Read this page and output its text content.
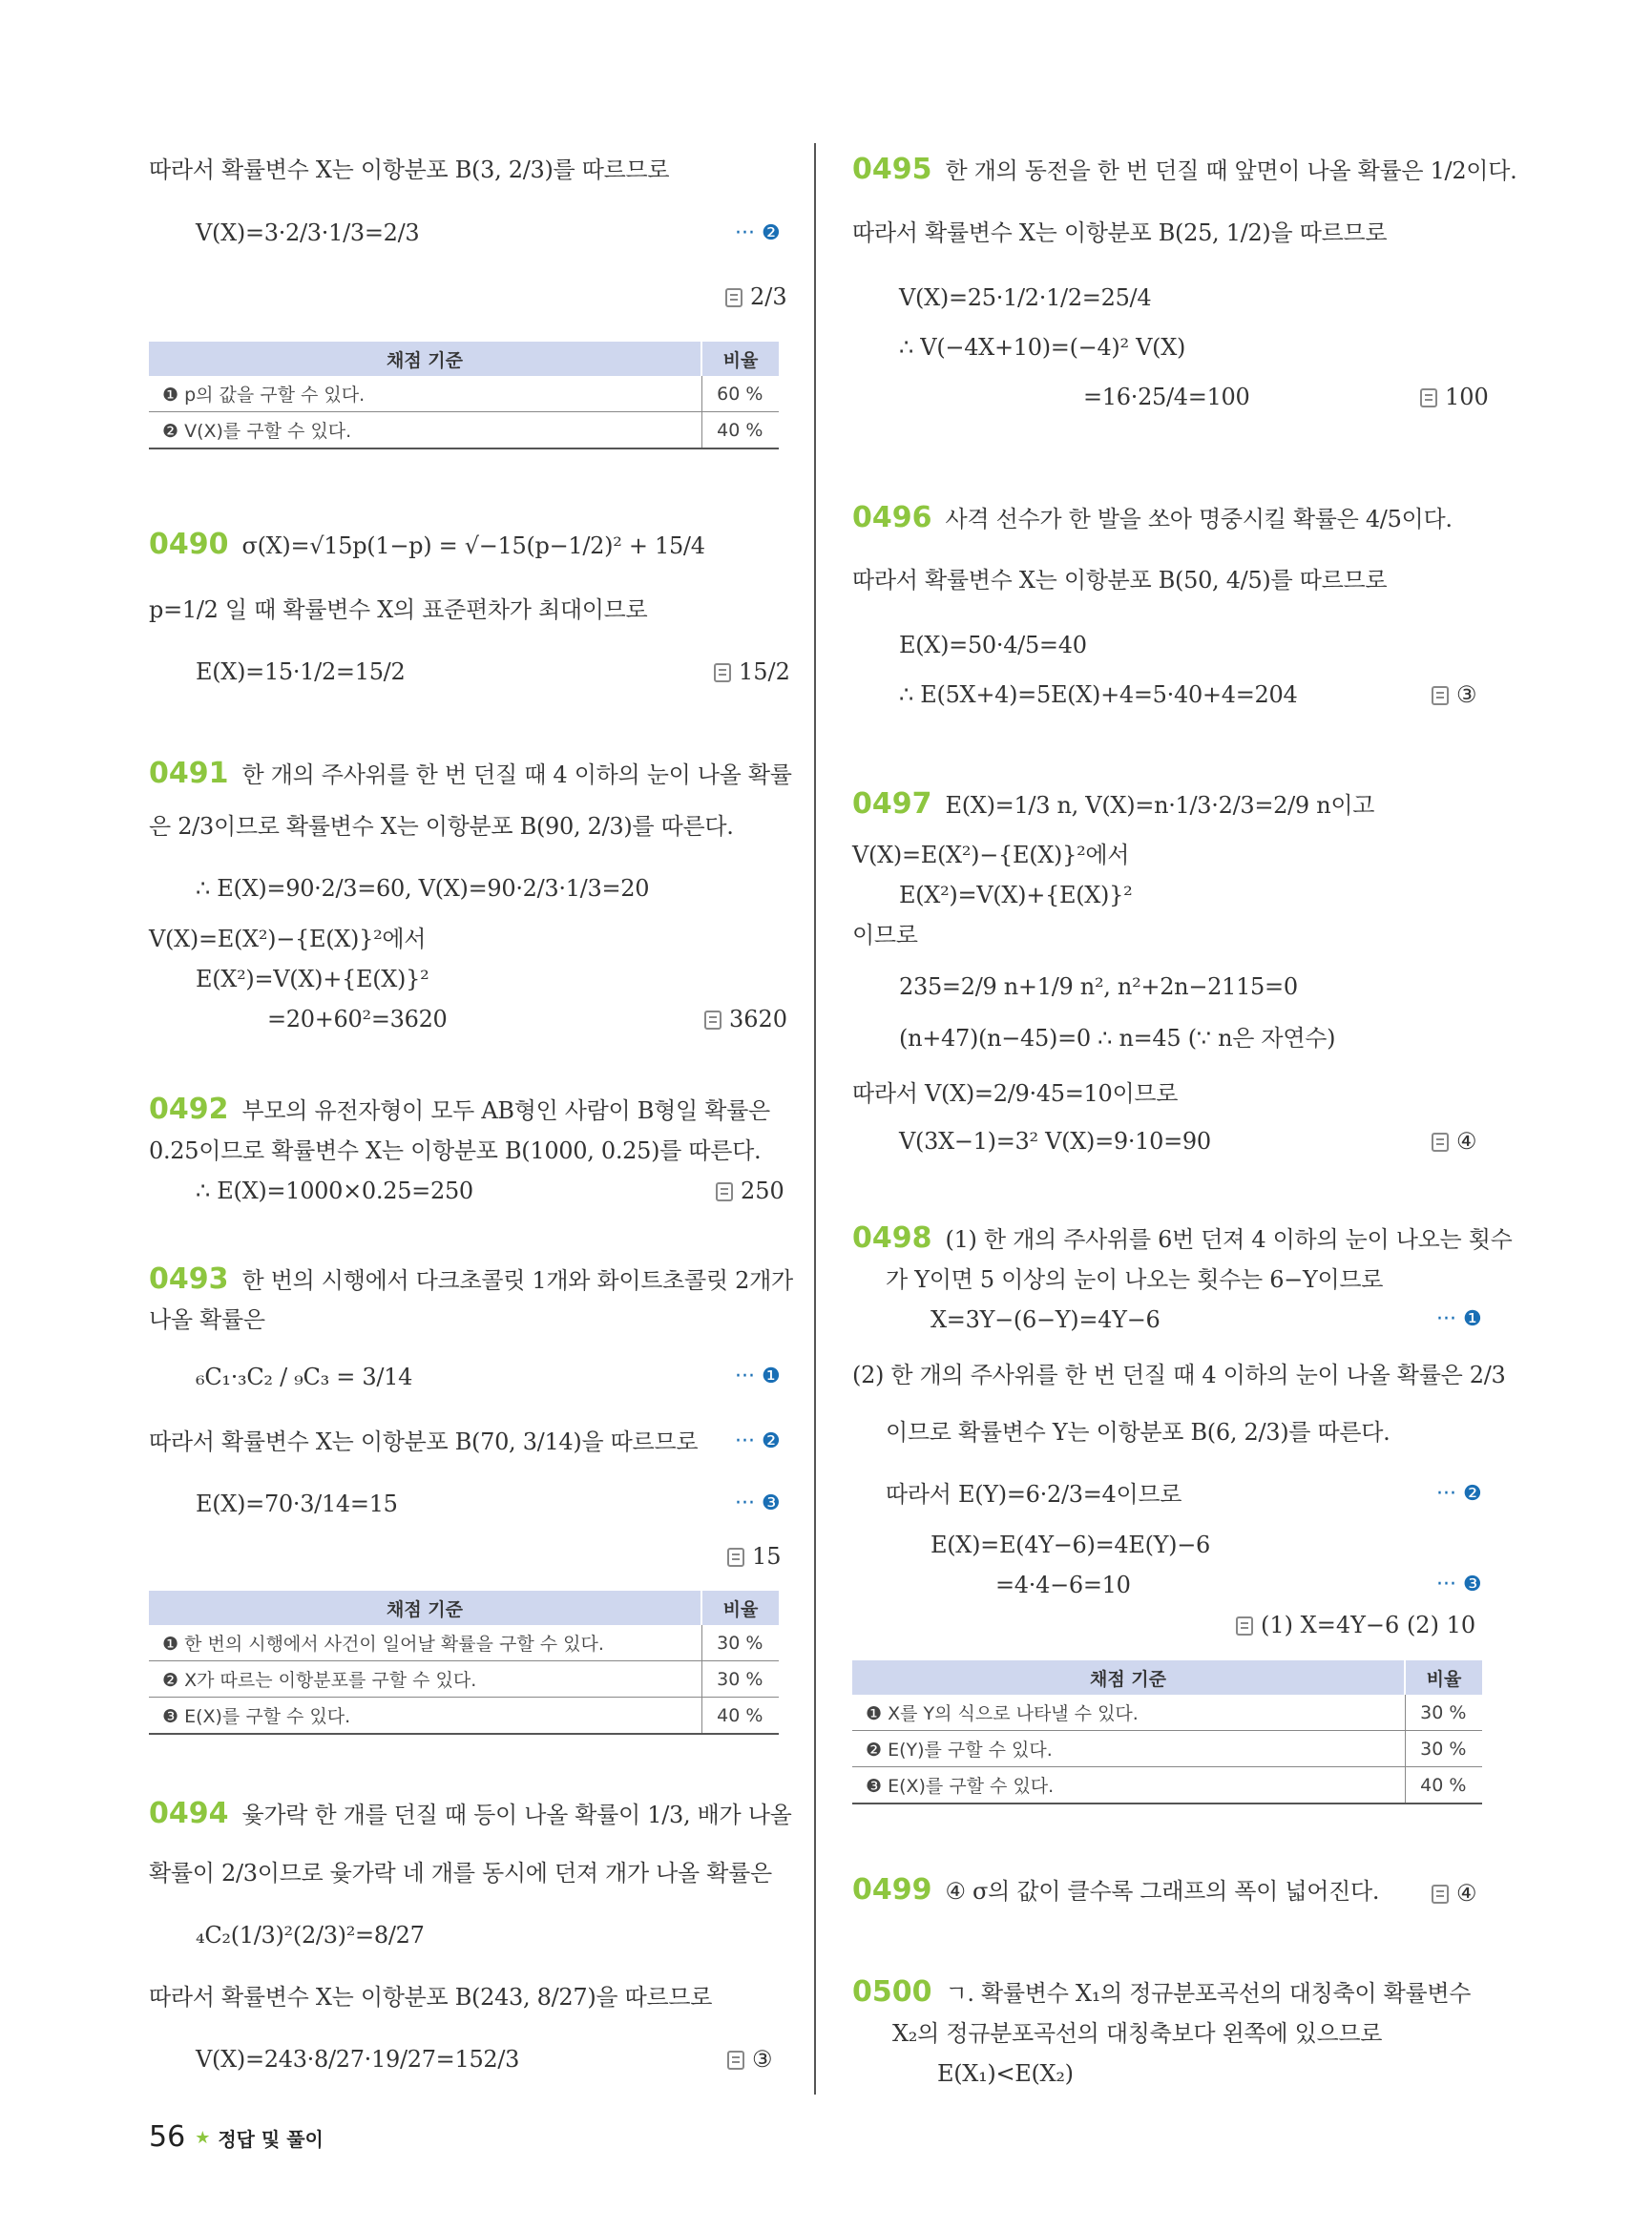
따라서 확률변수 X는 이항분포 B(3, 2/3)를 따르므로
V(X)=3·2/3·1/3=2/3	··· ❷
2/3
채점 기준	비율
❶ p의 값을 구할 수 있다.	60 %
❷ V(X)를 구할 수 있다.	40 %
0490 σ(X)=√15p(1−p) = √−15(p−1/2)² + 15/4
p=1/2 일 때 확률변수 X의 표준편차가 최대이므로
E(X)=15·1/2=15/2	15/2
0491 한 개의 주사위를 한 번 던질 때 4 이하의 눈이 나올 확률
은 2/3이므로 확률변수 X는 이항분포 B(90, 2/3)를 따른다.
∴ E(X)=90·2/3=60, V(X)=90·2/3·1/3=20
V(X)=E(X²)−{E(X)}²에서
E(X²)=V(X)+{E(X)}²
=20+60²=3620	3620
0492 부모의 유전자형이 모두 AB형인 사람이 B형일 확률은
0.25이므로 확률변수 X는 이항분포 B(1000, 0.25)를 따른다.
∴ E(X)=1000×0.25=250	250
0493 한 번의 시행에서 다크초콜릿 1개와 화이트초콜릿 2개가
나올 확률은
₆C₁·₃C₂ / ₉C₃ = 3/14	··· ❶
따라서 확률변수 X는 이항분포 B(70, 3/14)을 따르므로 ··· ❷
E(X)=70·3/14=15	··· ❸
15
채점 기준	비율
❶ 한 번의 시행에서 사건이 일어날 확률을 구할 수 있다.	30 %
❷ X가 따르는 이항분포를 구할 수 있다.	30 %
❸ E(X)를 구할 수 있다.	40 %
0494 윷가락 한 개를 던질 때 등이 나올 확률이 1/3, 배가 나올
확률이 2/3이므로 윷가락 네 개를 동시에 던져 개가 나올 확률은
₄C₂(1/3)²(2/3)²=8/27
따라서 확률변수 X는 이항분포 B(243, 8/27)을 따르므로
V(X)=243·8/27·19/27=152/3	③
0495 한 개의 동전을 한 번 던질 때 앞면이 나올 확률은 1/2이다.
따라서 확률변수 X는 이항분포 B(25, 1/2)을 따르므로
V(X)=25·1/2·1/2=25/4
∴ V(−4X+10)=(−4)² V(X)
=16·25/4=100	100
0496 사격 선수가 한 발을 쏘아 명중시킬 확률은 4/5이다.
따라서 확률변수 X는 이항분포 B(50, 4/5)를 따르므로
E(X)=50·4/5=40
∴ E(5X+4)=5E(X)+4=5·40+4=204	③
0497 E(X)=1/3 n, V(X)=n·1/3·2/3=2/9 n이고
V(X)=E(X²)−{E(X)}²에서
E(X²)=V(X)+{E(X)}²
이므로
235=2/9 n+1/9 n², n²+2n−2115=0
(n+47)(n−45)=0 ∴ n=45 (∵ n은 자연수)
따라서 V(X)=2/9·45=10이므로
V(3X−1)=3² V(X)=9·10=90	④
0498 (1) 한 개의 주사위를 6번 던져 4 이하의 눈이 나오는 횟수
가 Y이면 5 이상의 눈이 나오는 횟수는 6−Y이므로
X=3Y−(6−Y)=4Y−6	··· ❶
(2) 한 개의 주사위를 한 번 던질 때 4 이하의 눈이 나올 확률은 2/3
이므로 확률변수 Y는 이항분포 B(6, 2/3)를 따른다.
따라서 E(Y)=6·2/3=4이므로	··· ❷
E(X)=E(4Y−6)=4E(Y)−6
=4·4−6=10	··· ❸
(1) X=4Y−6 (2) 10
채점 기준	비율
❶ X를 Y의 식으로 나타낼 수 있다.	30 %
❷ E(Y)를 구할 수 있다.	30 %
❸ E(X)를 구할 수 있다.	40 %
0499 ④ σ의 값이 클수록 그래프의 폭이 넓어진다.	④
0500 ㄱ. 확률변수 X₁의 정규분포곡선의 대칭축이 확률변수
X₂의 정규분포곡선의 대칭축보다 왼쪽에 있으므로
E(X₁)<E(X₂)
56 ★ 정답 및 풀이
